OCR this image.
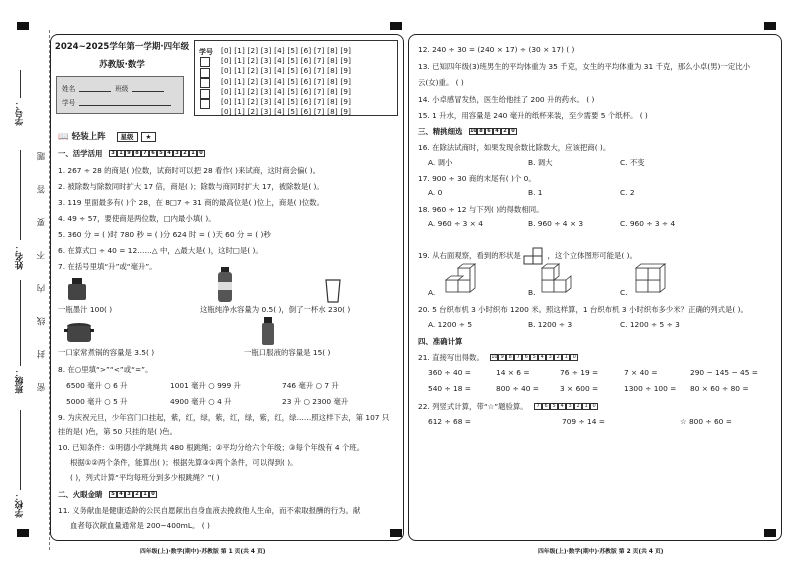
学号：
姓名：
班级：
学校：
题
答
要
不
内
线
封
密
2024~2025学年第一学期·四年级
苏教版·数学
姓名	班级
学号
学号 [0] [1] [2] [3] [4] [5] [6] [7] [8] [9]
[0] [1] [2] [3] [4] [5] [6] [7] [8] [9]
[0] [1] [2] [3] [4] [5] [6] [7] [8] [9]
[0] [1] [2] [3] [4] [5] [6] [7] [8] [9]
[0] [1] [2] [3] [4] [5] [6] [7] [8] [9]
[0] [1] [2] [3] [4] [5] [6] [7] [8] [9]
[0] [1] [2] [3] [4] [5] [6] [7] [8] [9]
📖 轻装上阵 星级 ★
一、活学活用 3 1 9 8 7 6 5 4 3 2 1 0
1. 267 ÷ 28 的商是( )位数，试商时可以把 28 看作( )来试商，这时商会偏( )。
2. 被除数与除数同时扩大 17 倍，商是( )；除数与商同时扩大 17，被除数是( )。
3. 119 里面最多有( )个 28，在 8□7 ÷ 31 商的最高位是( )位上，商是( )位数。
4. 49 ÷ 57，要使商是两位数，□内最小填( )。
5. 360 分 = ( )时 780 秒 = ( )分 624 时 = ( )天 60 分 = ( )秒
6. 在算式□ ÷ 40 = 12……△ 中，△最大是( )，这时□是( )。
7. 在括号里填“升”或“毫升”。
一瓶墨汁 100( )	这瓶纯净水容量为 0.5( )，倒了一杯水 230( )
一口家常煮锅的容量是 3.5( )	一瓶口服液的容量是 15( )
8. 在○里填“>”“<”或“=”。
6500 毫升 ○ 6 升	1001 毫升 ○ 999 升	746 毫升 ○ 7 升
5000 毫升 ○ 5 升	4900 毫升 ○ 4 升	23 升 ○ 2300 毫升
9. 为庆祝元旦，少年宫门口挂起，紫，红，绿，紫，红，绿，紫，红，绿……照这样下去，第 107 只挂的是( )色，第 50 只挂的是( )色。
10. 已知条件：①明德小学跳绳共 480 根跳绳；②平均分给六个年级；③每个年级有 4 个班。
根据①②两个条件，能算出( )；根据先算③①两个条件，可以得到( )。
( )，列式计算“平均每班分到多少根跳绳？”( )
二、火眼金睛 5 4 3 2 1 0
11. 义务献血是健康适龄的公民自愿献出自身血液去挽救他人生命，而不索取报酬的行为。献
血者每次献血量通常是 200~400mL。 ( )
四年级(上)·数学(期中)·苏教版 第 1 页(共 4 页)
12. 240 ÷ 30 = (240 × 17) ÷ (30 × 17) ( )
13. 已知四年级(3)班男生的平均体重为 35 千克，女生的平均体重为 31 千克，那么小卓(男)一定比小
云(女)重。 ( )
14. 小卓感冒发热，医生给他挂了 200 升的药水。 ( )
15. 1 升水，用容量是 240 毫升的纸杯来装，至少需要 5 个纸杯。 ( )
三、精挑细选 10 8 6 4 2 0
16. 在除法试商时，如果发现余数比除数大，应该把商( )。
A. 调小	B. 调大	C. 不变
17. 900 ÷ 30 商的末尾有( )个 0。
A. 0	B. 1	C. 2
18. 960 ÷ 12 与下列( )的得数相同。
A. 960 ÷ 3 × 4	B. 960 ÷ 4 × 3	C. 960 ÷ 3 ÷ 4
19. 从右面观察，看到的形状是	，这个立体图形可能是( )。
A.	B.	C.
20. 5 台织布机 3 小时织布 1200 米。照这样算，1 台织布机 3 小时织布多少米？正确的列式是( )。
A. 1200 ÷ 5	B. 1200 ÷ 3	C. 1200 ÷ 5 ÷ 3
四、准确计算
21. 直接写出得数。 10 9 8 7 6 5 4 3 2 1 0
360 ÷ 40 =	14 × 6 =	76 ÷ 19 =	7 × 40 =	290 − 145 − 45 =
540 ÷ 18 =	800 ÷ 40 =	3 × 600 =	1300 ÷ 100 = 80 × 60 ÷ 80 =
22. 列竖式计算，带“☆”题验算。 7 6 5 4 3 2 1 0
612 ÷ 68 =	709 ÷ 14 =	☆ 800 ÷ 60 =
四年级(上)·数学(期中)·苏教版 第 2 页(共 4 页)
